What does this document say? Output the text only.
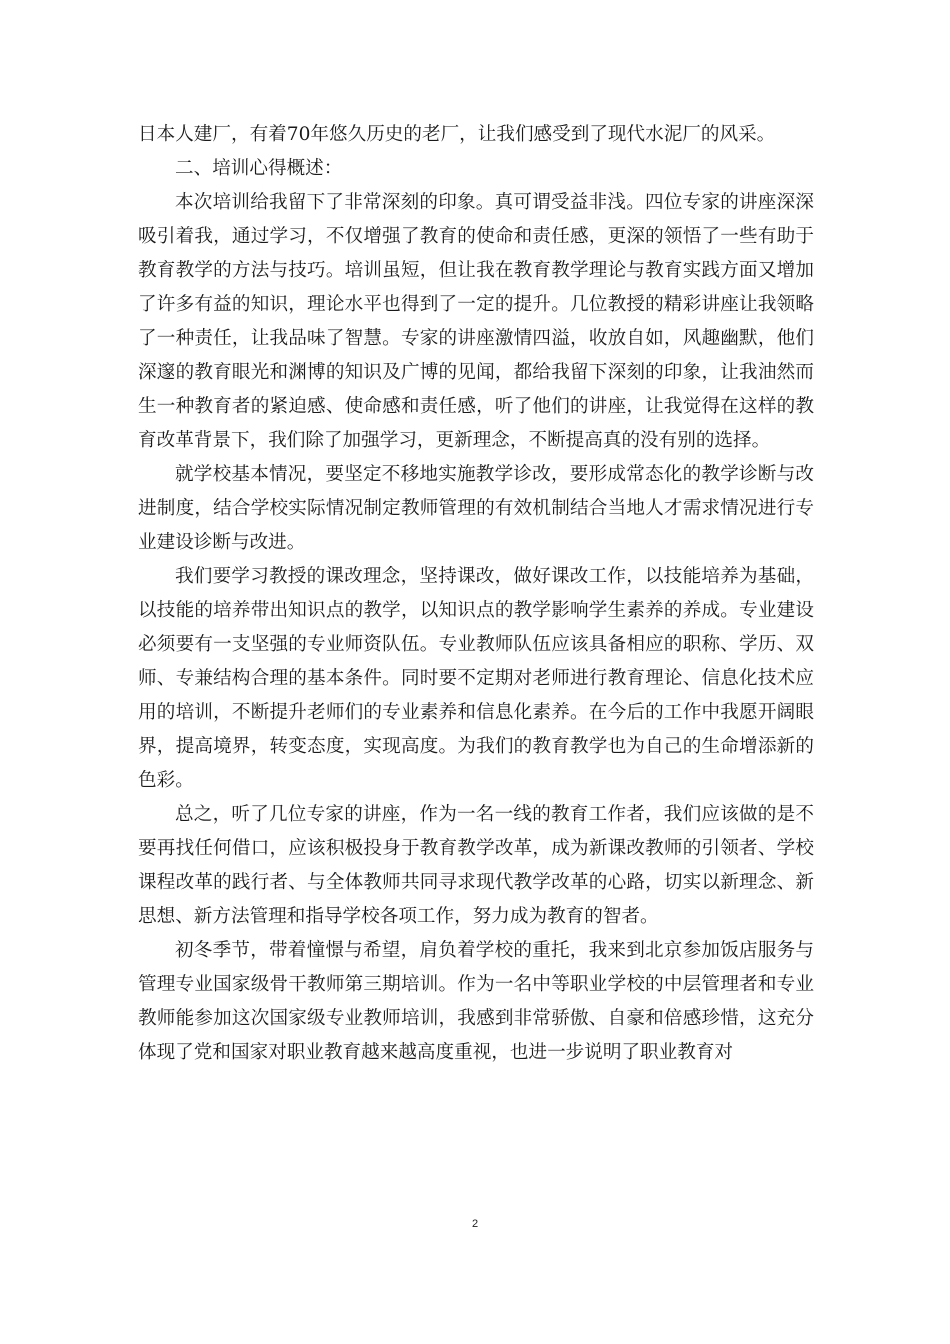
日本人建厂，有着70年悠久历史的老厂，让我们感受到了现代水泥厂的风采。

二、培训心得概述：

本次培训给我留下了非常深刻的印象。真可谓受益非浅。四位专家的讲座深深吸引着我，通过学习，不仅增强了教育的使命和责任感，更深的领悟了一些有助于教育教学的方法与技巧。培训虽短，但让我在教育教学理论与教育实践方面又增加了许多有益的知识，理论水平也得到了一定的提升。几位教授的精彩讲座让我领略了一种责任，让我品味了智慧。专家的讲座激情四溢，收放自如，风趣幽默，他们深邃的教育眼光和渊博的知识及广博的见闻，都给我留下深刻的印象，让我油然而生一种教育者的紧迫感、使命感和责任感，听了他们的讲座，让我觉得在这样的教育改革背景下，我们除了加强学习，更新理念，不断提高真的没有别的选择。

就学校基本情况，要坚定不移地实施教学诊改，要形成常态化的教学诊断与改进制度，结合学校实际情况制定教师管理的有效机制结合当地人才需求情况进行专业建设诊断与改进。

我们要学习教授的课改理念，坚持课改，做好课改工作，以技能培养为基础，以技能的培养带出知识点的教学，以知识点的教学影响学生素养的养成。专业建设必须要有一支坚强的专业师资队伍。专业教师队伍应该具备相应的职称、学历、双师、专兼结构合理的基本条件。同时要不定期对老师进行教育理论、信息化技术应用的培训，不断提升老师们的专业素养和信息化素养。在今后的工作中我愿开阔眼界，提高境界，转变态度，实现高度。为我们的教育教学也为自己的生命增添新的色彩。

总之，听了几位专家的讲座，作为一名一线的教育工作者，我们应该做的是不要再找任何借口，应该积极投身于教育教学改革，成为新课改教师的引领者、学校课程改革的践行者、与全体教师共同寻求现代教学改革的心路，切实以新理念、新思想、新方法管理和指导学校各项工作，努力成为教育的智者。

初冬季节，带着憧憬与希望，肩负着学校的重托，我来到北京参加饭店服务与管理专业国家级骨干教师第三期培训。作为一名中等职业学校的中层管理者和专业教师能参加这次国家级专业教师培训，我感到非常骄傲、自豪和倍感珍惜，这充分体现了党和国家对职业教育越来越高度重视，也进一步说明了职业教育对

2
